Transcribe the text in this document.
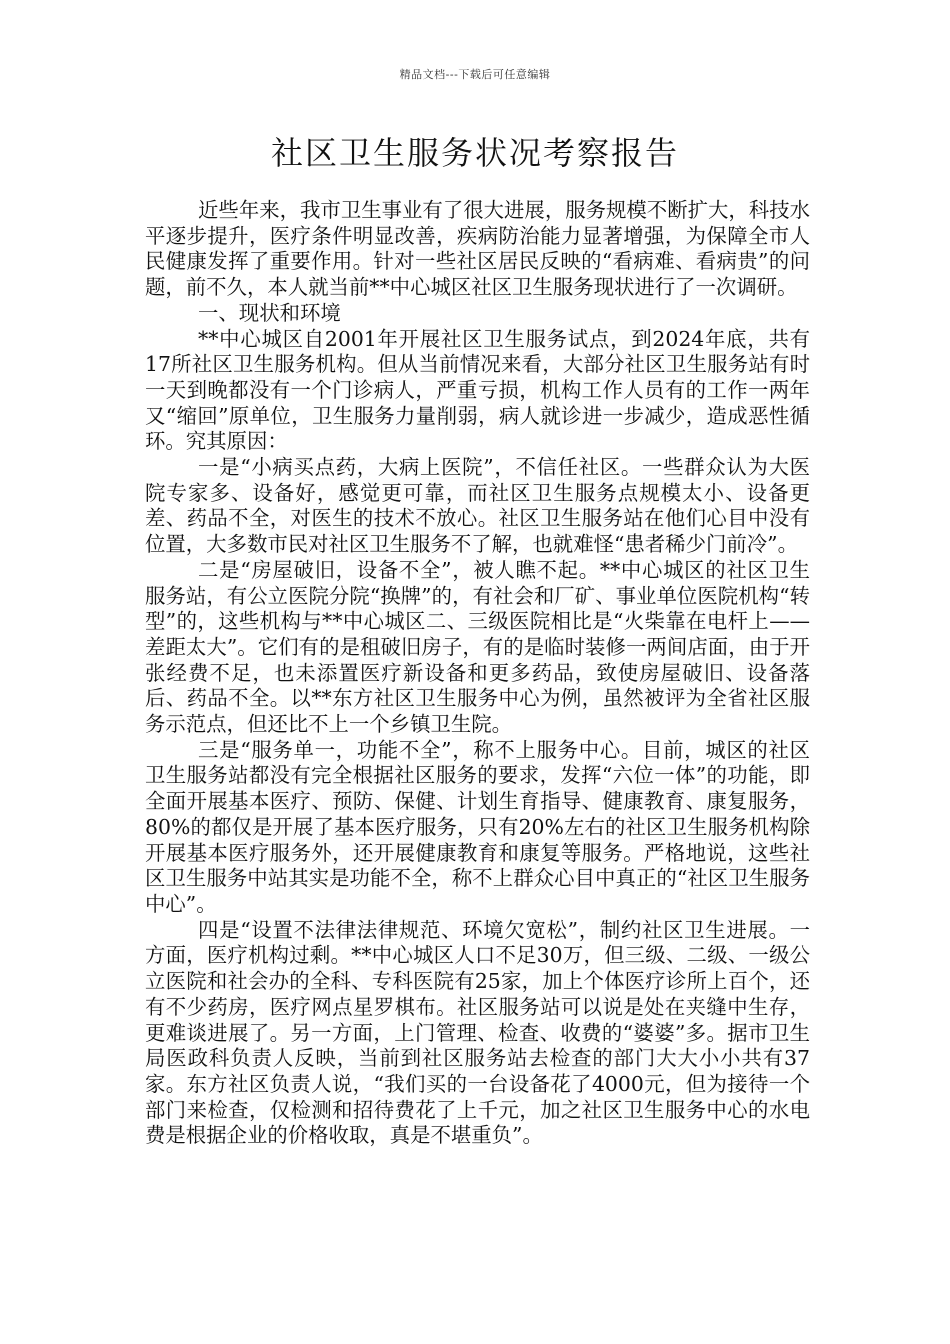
精品文档---下载后可任意编辑
社区卫生服务状况考察报告

近些年来，我市卫生事业有了很大进展，服务规模不断扩大，科技水平逐步提升，医疗条件明显改善，疾病防治能力显著增强，为保障全市人民健康发挥了重要作用。针对一些社区居民反映的“看病难、看病贵”的问题，前不久，本人就当前**中心城区社区卫生服务现状进行了一次调研。

一、现状和环境

**中心城区自2001年开展社区卫生服务试点，到2024年底，共有17所社区卫生服务机构。但从当前情况来看，大部分社区卫生服务站有时一天到晚都没有一个门诊病人，严重亏损，机构工作人员有的工作一两年又“缩回”原单位，卫生服务力量削弱，病人就诊进一步减少，造成恶性循环。究其原因：

一是“小病买点药，大病上医院”，不信任社区。一些群众认为大医院专家多、设备好，感觉更可靠，而社区卫生服务点规模太小、设备更差、药品不全，对医生的技术不放心。社区卫生服务站在他们心目中没有位置，大多数市民对社区卫生服务不了解，也就难怪“患者稀少门前冷”。

二是“房屋破旧，设备不全”，被人瞧不起。**中心城区的社区卫生服务站，有公立医院分院“换牌”的，有社会和厂矿、事业单位医院机构“转型”的，这些机构与**中心城区二、三级医院相比是“火柴靠在电杆上——差距太大”。它们有的是租破旧房子，有的是临时装修一两间店面，由于开张经费不足，也未添置医疗新设备和更多药品，致使房屋破旧、设备落后、药品不全。以**东方社区卫生服务中心为例，虽然被评为全省社区服务示范点，但还比不上一个乡镇卫生院。

三是“服务单一，功能不全”，称不上服务中心。目前，城区的社区卫生服务站都没有完全根据社区服务的要求，发挥“六位一体”的功能，即全面开展基本医疗、预防、保健、计划生育指导、健康教育、康复服务，80%的都仅是开展了基本医疗服务，只有20%左右的社区卫生服务机构除开展基本医疗服务外，还开展健康教育和康复等服务。严格地说，这些社区卫生服务中站其实是功能不全，称不上群众心目中真正的“社区卫生服务中心”。

四是“设置不法律法律规范、环境欠宽松”，制约社区卫生进展。一方面，医疗机构过剩。**中心城区人口不足30万，但三级、二级、一级公立医院和社会办的全科、专科医院有25家，加上个体医疗诊所上百个，还有不少药房，医疗网点星罗棋布。社区服务站可以说是处在夹缝中生存，更难谈进展了。另一方面，上门管理、检查、收费的“婆婆”多。据市卫生局医政科负责人反映，当前到社区服务站去检查的部门大大小小共有37家。东方社区负责人说，“我们买的一台设备花了4000元，但为接待一个部门来检查，仅检测和招待费花了上千元，加之社区卫生服务中心的水电费是根据企业的价格收取，真是不堪重负”。
